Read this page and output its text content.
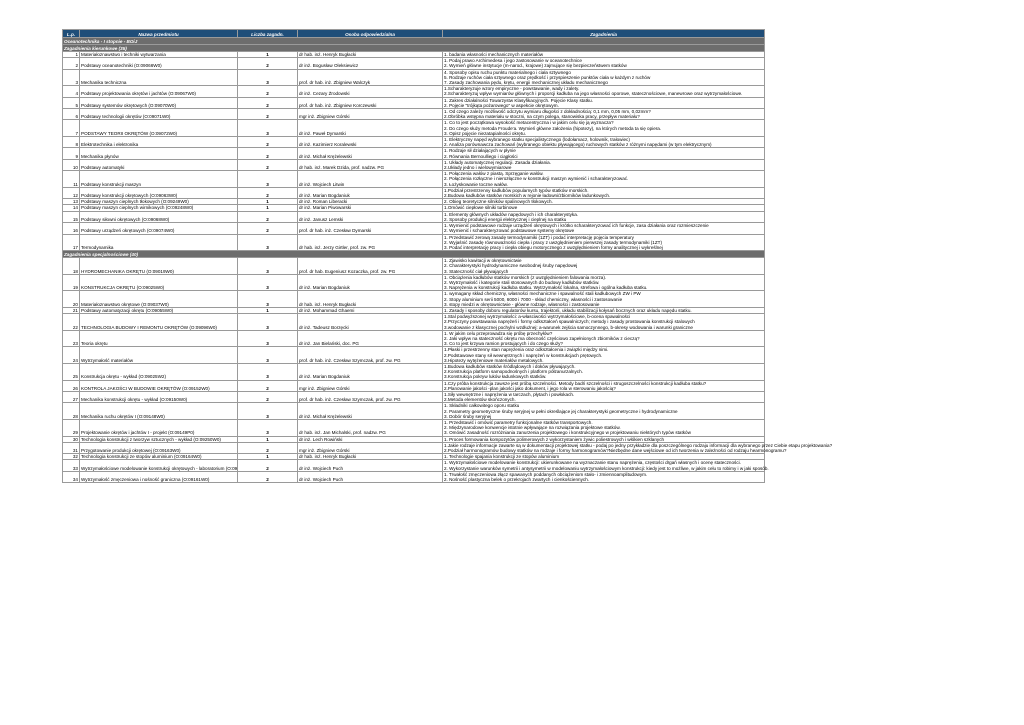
L.p.	Nazwa przedmiotu	Liczba zagadn.	Osoba odpowiedzialna	Zagadnienia
Oceanotechnika - I stopnie - BOiJ				
Zagadnienia kierunkowe (35)				
1	Materiałoznawstwo i techniki wytwarzania	1	dr hab. inż. Henryk Bugłacki	1. badania własności mechanicznych materiałów

2	Podstawy oceanotechniki (O:09066W0)	2	dr inż. Bogusław Oleksiewicz	1. Podaj prawo Archimedesa i jego zastosowanie w oceanotechnice
2. Wymień główne instytucje (m-narod., krajowe) zajmujące się bezpieczeństwem statków

3	Mechanika techniczna	3	prof. dr hab. inż. Zbigniew Walczyk	4. Sposoby opisu ruchu punktu materialnego i ciała sztywnego
5. Rodzaje ruchów ciała sztywnego oraz prędkość i przyspieszenie punktów ciała w każdym z ruchów
7. Zasady zachowania pędu, krętu, energii mechanicznej układu mechanicznego

4	Podstawy projektowania okrętów i jachtów (O:09067W0)	2	dr inż. Cezary Żrodowski	1.Scharakteryzuje wzory empiryczne - powstawanie, wady i zalety.
2.Scharakteryzuj wpływ wymiarów głównych i proporcji kadłuba na jego własności oporowe, statecznościowe, manewrowe oraz wytrzymałościowe.

5	Podstawy systemów okrętowych (O:09070W0)	2	prof. dr hab. inż. Zbigniew Korczewski	1. Zakres działalności Towarzystw Klasyfikacyjnych. Pojęcie Klasy statku.
2. Pojęcie "trójkąta pożarowego" w aspekcie okrętowym.

6	Podstawy technologii okrętów (O:09071W0)	2	mgr inż. Zbigniew Górski	1. Od czego zależy możliwość odczytu wymiaru długości z dokładnością: 0,1 mm, 0,05 mm, 0,02mm?
2.Obróbka wstępna materiału w stoczni, na czym polega, stanowiska pracy, przepływ materiału?

7	PODSTAWY TEORII OKRĘTÓW (O:09072W0)	3	dr inż. Paweł Dymarski	1. Co to jest początkowa wysokość metacentryczna i w jakim celu się ją wyznacza?
2. Do czego służy metoda Froude'a. Wymień główne założenia (hipotezy), na których metoda ta się opiera.
3. Opisz pojęcie niezatapialności okrętu.

8	Elektrotechnika i elektronika	2	dr inż. Kazimierz Koralewski	1. Elektryczny napęd wybranego statku specjalistycznego (lodołamacz, holownik, trałowiec)
2. Analiza porównawcza zachowań (wybranego obiektu pływającego) ruchowych statków z różnymi napędami (w tym elektrycznym)

9	Mechanika płynów	2	dr inż. Michał Krężelewski	1. Rodzaje sił działających w płynie
2. Równania Bernoulliego i ciągłości

10	Podstawy automatyki	2	dr hab. inż. Marek Dzida, prof. nadzw. PG	1. Układy automatycznej regulacji. Zasada działania.
2.Układy jedno i wielowymiarowe

11	Podstawy konstrukcji maszyn	3	dr inż. Wojciech Litwin	1. Połączenia wałów z piastą. Sprzęganie wałów.
2. Połączenia rozłączne i nierozłączne w konstrukcji maszyn wymienić i scharakteryzować.
3. Łożyskowanie toczne wałów.

12	Podstawy konstrukcji okrętowych (O:09063W0)	2	dr inż. Marian Bogdaniuk	1.Podział przestrzenny kadłubów popularnych typów statków morskich.
2.Budowa kadłubów statków morskich w rejonie ładowni/zbiorników ładunkowych.

13	Podstawy maszyn cieplnych tłokowych (O:09249W0)	1	dr inż. Roman Liberacki	2. Obieg teoretyczne silników spalinowych tłokowych.

14	Podstawy maszyn cieplnych wirnikowych (O:09248W0)	1	dr inż. Marian Piwowarski	1.Omówić ciepłowe silniki turbinowe

15	Podstawy siłowni okrętowych (O:09068W0)	2	dr inż. Janusz Lemski	1. Elementy głównych układów napędowych i ich charakterystyka.
2. Sposoby produkcji energii elektrycznej i cieplnej na statku

16	Podstawy urządzeń okrętowych (O:09074W0)	2	prof. dr hab. inż. Czesław Dymarski	1. Wymienić podstawowe rodzaje urządzeń okrętowych i krótko scharakteryzować ich funkcje, zasa działania oraz rozmieszczenie
2. Wymienić i scharakteryzować podstawowe systemy okrętowe

17	Termodynamika	3	dr hab. inż. Jerzy Girtler, prof. zw. PG	1. Przedstawić zerową zasadę termodynamiki (1ZT) i podać interpretację pojęcia temperatury
2. Wyjaśnić zasadę równoważności ciepła i pracy z uwzględnieniem pierwszej zasady termodynamiki (1ZT)
3. Podać interpretację pracy i ciepła obiegu motorycznego z uwzględnieniem formy analitycznej i wykreślnej

Zagadnienia specjalnościowe (40)				
18	HYDROMECHANIKA OKRĘTU (O:09019W0)	3	prof. dr hab. Eugeniusz Kozaczka, prof. zw. PG	1. Zjawisko kawitacji w okrętownictwie
2. Charakterystyki hydrodynamiczne swobodnej śruby napędowej
3. Stateczność ciał pływających

19	KONSTRUKCJA OKRĘTU (O:09025W0)	3	dr inż. Marian Bogdaniuk	1. Obciążenia kadłubów statków morskich (z uwzględnieniem falowania morza).
2. Wytrzymałość i kategorie stali stosowanych do budowy kadłubów statków.
3. Naprężenia w konstrukcji kadłuba statku. Wytrzymałość lokalna, strefowa i ogólna kadłuba statku.

20	Materiałoznawstwo okrętowe (O:09037W0)	3	dr hab. inż. Henryk Bugłacki	1. wymagany skład chemiczny, własności mechaniczne i spawalność stali kadłubowych ZW i PW
2. Stopy aluminium serii 5000, 6000 i 7000 - skład chemiczny, własności i zastosowanie
3. stopy miedzi w okrętownictwie - główne rodzaje, własności i zastosowanie

21	Podstawy automatyzacji okrętu (O:09055W0)	1	dr inż. Mohammad Ghaemi	1. Zasady i sposoby doboru regulatorów kursu, trajektorii, układu stabilizacji kołysań bocznych oraz układu napędu statku.

22	TECHNOLOGIA BUDOWY I REMONTU OKRĘTÓW (O:09096W0)	3	dr inż. Tadeusz Borzęcki	1.Stal podwyższonej wytrzymałości: a-własciwości wytrzymałościowe, b-ocena spawalności
2.Przyczyny powstawania naprężeń i formy odkształceń spawalniczych; metody i zasady prostowania konstrukcji stalowych
3.wodowanie z klasycznej pochylni wzdłużnej: a-warunek zejścia samoczynnego, b-okresy wodowania i warunki graniczne

23	Teoria okrętu	3	dr inż. Jan Bielański, doc. PG	1. W jakim celu przeprowadza się próbę przechyłów?
2. Jaki wpływ na stateczność okrętu ma obecność częściowo zapełnionych zbiorników z cieczą?
3. Co to jest krzywa ramion prostujących i do czego służy?

24	Wytrzymałość materiałów	3	prof. dr hab. inż. Czesław Szymczak, prof. zw. PG	1.Płaski i przestrzenny stan naprężenia oraz odkształcenia i związki między nimi.
2.Podstawowe stany sił wewnętrznych i naprężeń w konstrukcjach prętowych.
3.Hipotezy wytężeniowe materiałów metalowych.

25	Konstrukcja okrętu - wykład (O:09025W2)	3	dr inż. Marian Bogdaniuk	1.Budowa kadłubów statków śródlądowych i doków pływających.
2.Konstrukcja platform samopodnośnych i platform półzanurzalnych.
3.Konstrukcja pokryw luków ładunkowych statków.

26	KONTROLA JAKOŚCI W BUDOWIE OKRĘTÓW (O:09152W0)	2	mgr inż. Zbigniew Górski	1.Czy próba konstrukcja zawsze jest próbą szczelności. Metody badń szczelności i strugoszczelności konstrukcji kadłuba statku?
2.Planowanie jakości -plan jakości jako dokument, i jego rola w sterowaniu jakością?

27	Mechanika konstrukcji okrętu - wykład (O:09150W0)	2	prof. dr hab. inż. Czesław Szymczak, prof. zw. PG	1.Siły wewnętrzne i naprężenia w tarczach, płytach i powłokach.
2.Metoda elementów skończonych.

28	Mechanika ruchu okrętów I (O:09148W0)	3	dr inż. Michał Krężelewski	1. Składniki całkowitego oporu statku
2. Parametry geometryczne śruby seryjnej w pełni określające jej charakterystyki geometryczne i hydrodynamiczne
3. Dobór śruby seryjnej

29	Projektowanie okrętów i jachtów I - projekt (O:09149P0)	3	dr hab. inż. Jan Michalski, prof. nadzw. PG	1. Przedstawić i omówić parametry funkcjonalne statków transportowych.
2. Międzynarodowe konwencje istotnie wpływające na rozwiązania projektowe statków.
3. Omówić zasadność rozróżniania zanurzenia projektowego i konstrukcyjnego w projektowaniu niektórych typów statków

30	Technologia konstrukcji z tworzyw sztucznych - wykład (O:09250W0)	1	dr inż. Lech Rowiński	1. Proces formowania kompozytów polimerowych z wykorzystaniem żywic poliestrowych i włókien szklanych

31	Przygotowanie produkcji okrętowej (O:09163W0)	2	mgr inż. Zbigniew Górski	1.Jakie rodzaje informacje zawarte są w dokumentacji projektowej statku - podaj po jedny przykładzie dla poszczególnego rodzaju informacji dla wybranego przez Ciebie etapu projektowania?
2.Podział harmonogramów budowy statków na rodzaje i formy harmonogramów?Niezbędne dane wejściowe od ich tworzenia w zależności od rodzaju hearmonogramu?

32	Technologia konstrukcji ze stopów aluminium (O:09164W0)	1	dr hab. inż. Henryk Bugłacki	1. Technologie spajania konstrukcji ze stopów aluminium

33	Wytrzymałościowe modelowanie konstrukcji okrętowych - laboratorium (O:09	2	dr inż. Wojciech Puch	1. Wytrzymałościowe modelowanie konstrukcji: ukierunkowane na wyznaczanie stanu naprężenia, częstości drgań własnych i ocenę stateczności.
2. Wykorzystanie warunków symetrii i antysymetrii w modelowaniu wytrzymałościowym konstrukcji: kiedy jest to możliwe, w jakim celu to robimy i w jaki sposób.

34	Wytrzymałość zmęczeniowa i nośność graniczna (O:09161W0)	2	dr inż. Wojciech Puch	1. Trwałość zmęczeniowa złącz spawanych poddanych obciążeniom stało- i zmiennoamplitudowym.
2. Nośność plastyczna belek o przekrojach zwartych i cienkościennych.
